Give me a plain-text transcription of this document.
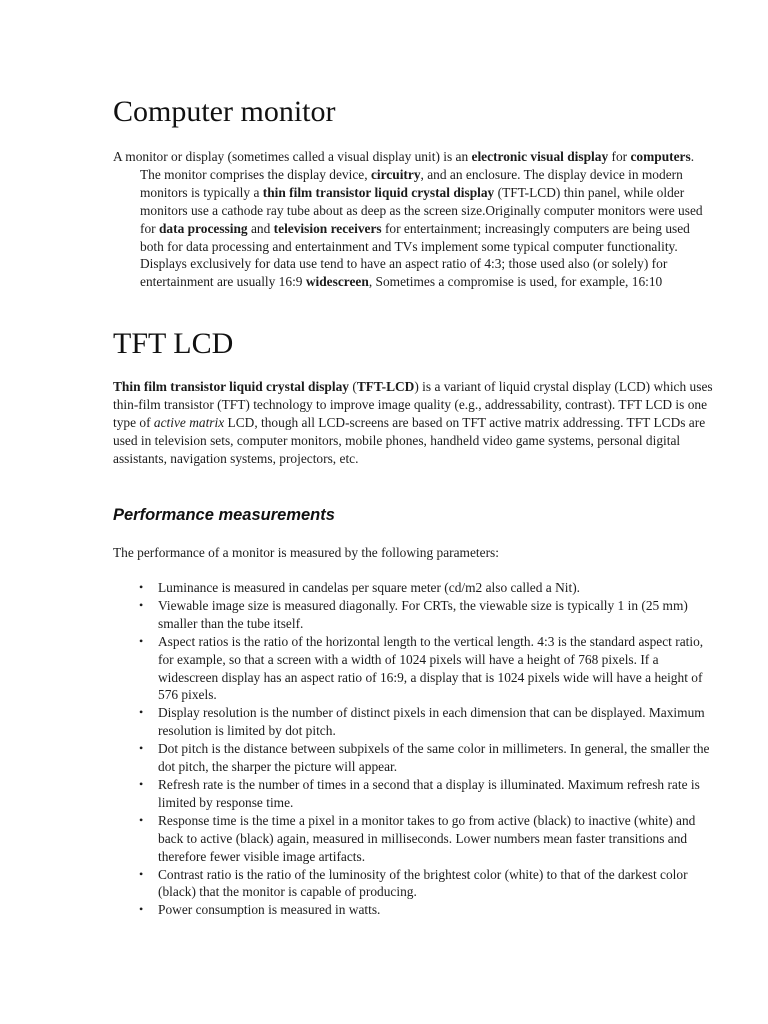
Computer monitor

A monitor or display (sometimes called a visual display unit) is an electronic visual display for computers. The monitor comprises the display device, circuitry, and an enclosure. The display device in modern monitors is typically a thin film transistor liquid crystal display (TFT-LCD) thin panel, while older monitors use a cathode ray tube about as deep as the screen size.Originally computer monitors were used for data processing and television receivers for entertainment; increasingly computers are being used both for data processing and entertainment and TVs implement some typical computer functionality. Displays exclusively for data use tend to have an aspect ratio of 4:3; those used also (or solely) for entertainment are usually 16:9 widescreen, Sometimes a compromise is used, for example, 16:10

TFT LCD

Thin film transistor liquid crystal display (TFT-LCD) is a variant of liquid crystal display (LCD) which uses thin-film transistor (TFT) technology to improve image quality (e.g., addressability, contrast). TFT LCD is one type of active matrix LCD, though all LCD-screens are based on TFT active matrix addressing. TFT LCDs are used in television sets, computer monitors, mobile phones, handheld video game systems, personal digital assistants, navigation systems, projectors, etc.

Performance measurements

The performance of a monitor is measured by the following parameters:

• Luminance is measured in candelas per square meter (cd/m2 also called a Nit).
• Viewable image size is measured diagonally. For CRTs, the viewable size is typically 1 in (25 mm) smaller than the tube itself.
• Aspect ratios is the ratio of the horizontal length to the vertical length. 4:3 is the standard aspect ratio, for example, so that a screen with a width of 1024 pixels will have a height of 768 pixels. If a widescreen display has an aspect ratio of 16:9, a display that is 1024 pixels wide will have a height of 576 pixels.
• Display resolution is the number of distinct pixels in each dimension that can be displayed. Maximum resolution is limited by dot pitch.
• Dot pitch is the distance between subpixels of the same color in millimeters. In general, the smaller the dot pitch, the sharper the picture will appear.
• Refresh rate is the number of times in a second that a display is illuminated. Maximum refresh rate is limited by response time.
• Response time is the time a pixel in a monitor takes to go from active (black) to inactive (white) and back to active (black) again, measured in milliseconds. Lower numbers mean faster transitions and therefore fewer visible image artifacts.
• Contrast ratio is the ratio of the luminosity of the brightest color (white) to that of the darkest color (black) that the monitor is capable of producing.
• Power consumption is measured in watts.
